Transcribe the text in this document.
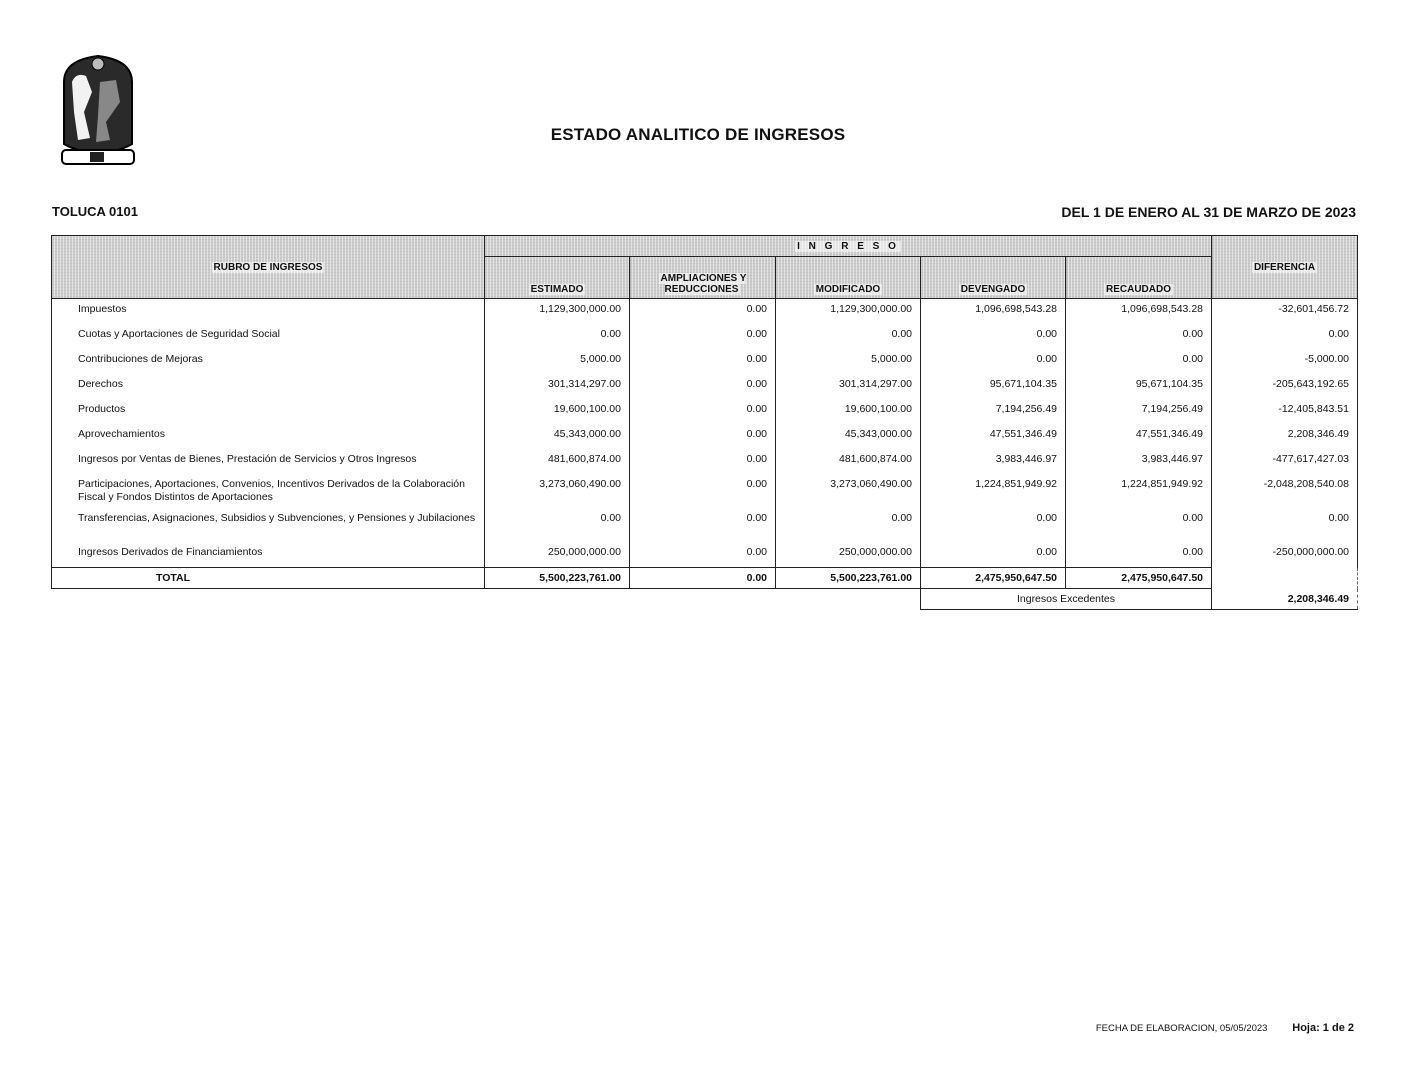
ESTADO ANALITICO DE INGRESOS
TOLUCA 0101	DEL 1 DE ENERO AL 31 DE MARZO DE 2023
RUBRO DE INGRESOS	I N G R E S O					DIFERENCIA
	ESTIMADO	AMPLIACIONES Y REDUCCIONES	MODIFICADO	DEVENGADO	RECAUDADO	
Impuestos	1,129,300,000.00	0.00	1,129,300,000.00	1,096,698,543.28	1,096,698,543.28	-32,601,456.72
Cuotas y Aportaciones de Seguridad Social	0.00	0.00	0.00	0.00	0.00	0.00
Contribuciones de Mejoras	5,000.00	0.00	5,000.00	0.00	0.00	-5,000.00
Derechos	301,314,297.00	0.00	301,314,297.00	95,671,104.35	95,671,104.35	-205,643,192.65
Productos	19,600,100.00	0.00	19,600,100.00	7,194,256.49	7,194,256.49	-12,405,843.51
Aprovechamientos	45,343,000.00	0.00	45,343,000.00	47,551,346.49	47,551,346.49	2,208,346.49
Ingresos por Ventas de Bienes, Prestación de Servicios y Otros Ingresos	481,600,874.00	0.00	481,600,874.00	3,983,446.97	3,983,446.97	-477,617,427.03
Participaciones, Aportaciones, Convenios, Incentivos Derivados de la Colaboración Fiscal y Fondos Distintos de Aportaciones	3,273,060,490.00	0.00	3,273,060,490.00	1,224,851,949.92	1,224,851,949.92	-2,048,208,540.08
Transferencias, Asignaciones, Subsidios y Subvenciones, y Pensiones y Jubilaciones	0.00	0.00	0.00	0.00	0.00	0.00
Ingresos Derivados de Financiamientos	250,000,000.00	0.00	250,000,000.00	0.00	0.00	-250,000,000.00
TOTAL	5,500,223,761.00	0.00	5,500,223,761.00	2,475,950,647.50	2,475,950,647.50	
				Ingresos Excedentes		2,208,346.49
FECHA DE ELABORACION, 05/05/2023 Hoja: 1 de 2
